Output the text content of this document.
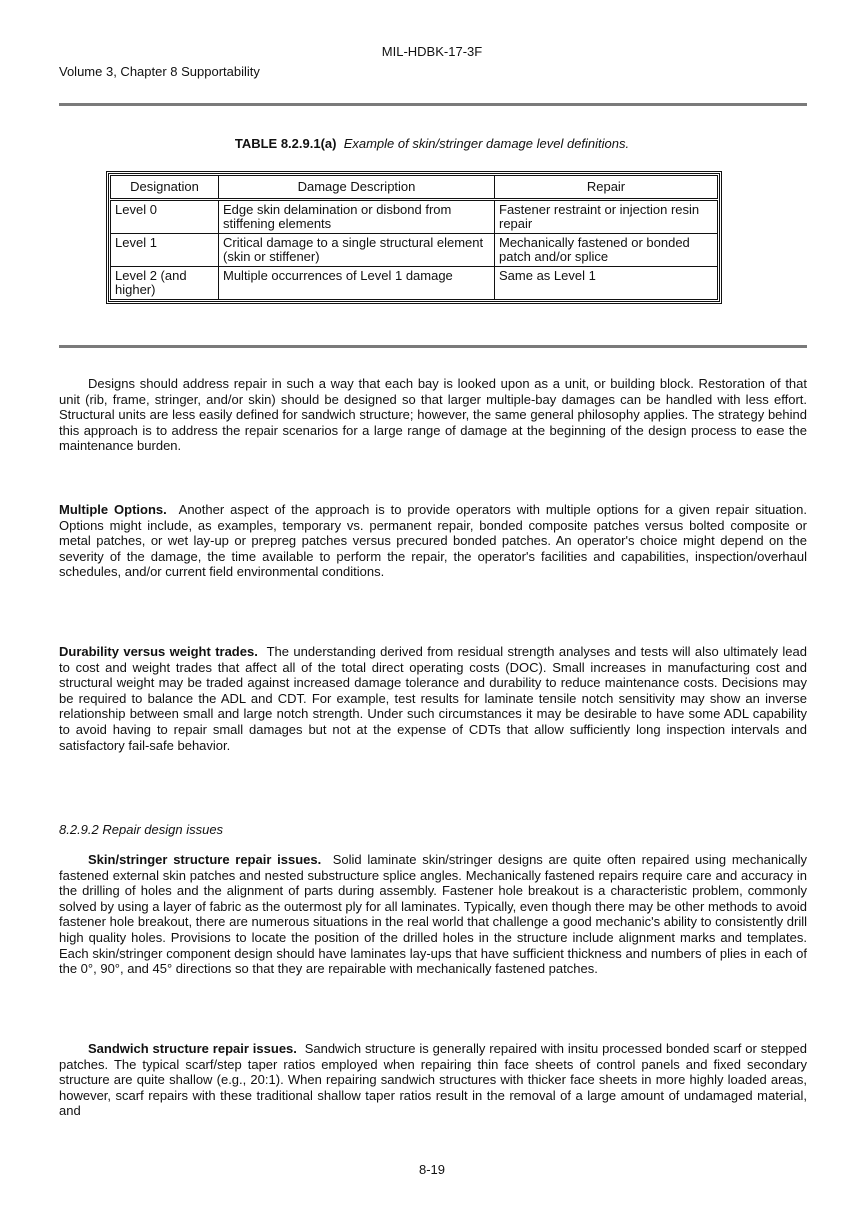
MIL-HDBK-17-3F
Volume 3, Chapter 8 Supportability
TABLE 8.2.9.1(a) Example of skin/stringer damage level definitions.
Designation	Damage Description	Repair
Level 0	Edge skin delamination or disbond from stiffening elements	Fastener restraint or injection resin repair
Level 1	Critical damage to a single structural element (skin or stiffener)	Mechanically fastened or bonded patch and/or splice
Level 2 (and higher)	Multiple occurrences of Level 1 damage	Same as Level 1

Designs should address repair in such a way that each bay is looked upon as a unit, or building block. Restoration of that unit (rib, frame, stringer, and/or skin) should be designed so that larger multiple-bay damages can be handled with less effort. Structural units are less easily defined for sandwich structure; however, the same general philosophy applies. The strategy behind this approach is to address the repair scenarios for a large range of damage at the beginning of the design process to ease the maintenance burden.

Multiple Options. Another aspect of the approach is to provide operators with multiple options for a given repair situation. Options might include, as examples, temporary vs. permanent repair, bonded composite patches versus bolted composite or metal patches, or wet lay-up or prepreg patches versus precured bonded patches. An operator's choice might depend on the severity of the damage, the time available to perform the repair, the operator's facilities and capabilities, inspection/overhaul schedules, and/or current field environmental conditions.

Durability versus weight trades. The understanding derived from residual strength analyses and tests will also ultimately lead to cost and weight trades that affect all of the total direct operating costs (DOC). Small increases in manufacturing cost and structural weight may be traded against increased damage tolerance and durability to reduce maintenance costs. Decisions may be required to balance the ADL and CDT. For example, test results for laminate tensile notch sensitivity may show an inverse relationship between small and large notch strength. Under such circumstances it may be desirable to have some ADL capability to avoid having to repair small damages but not at the expense of CDTs that allow sufficiently long inspection intervals and satisfactory fail-safe behavior.

8.2.9.2 Repair design issues

Skin/stringer structure repair issues. Solid laminate skin/stringer designs are quite often repaired using mechanically fastened external skin patches and nested substructure splice angles. Mechanically fastened repairs require care and accuracy in the drilling of holes and the alignment of parts during assembly. Fastener hole breakout is a characteristic problem, commonly solved by using a layer of fabric as the outermost ply for all laminates. Typically, even though there may be other methods to avoid fastener hole breakout, there are numerous situations in the real world that challenge a good mechanic's ability to consistently drill high quality holes. Provisions to locate the position of the drilled holes in the structure include alignment marks and templates. Each skin/stringer component design should have laminates lay-ups that have sufficient thickness and numbers of plies in each of the 0°, 90°, and 45° directions so that they are repairable with mechanically fastened patches.

Sandwich structure repair issues. Sandwich structure is generally repaired with insitu processed bonded scarf or stepped patches. The typical scarf/step taper ratios employed when repairing thin face sheets of control panels and fixed secondary structure are quite shallow (e.g., 20:1). When repairing sandwich structures with thicker face sheets in more highly loaded areas, however, scarf repairs with these traditional shallow taper ratios result in the removal of a large amount of undamaged material, and

8-19
